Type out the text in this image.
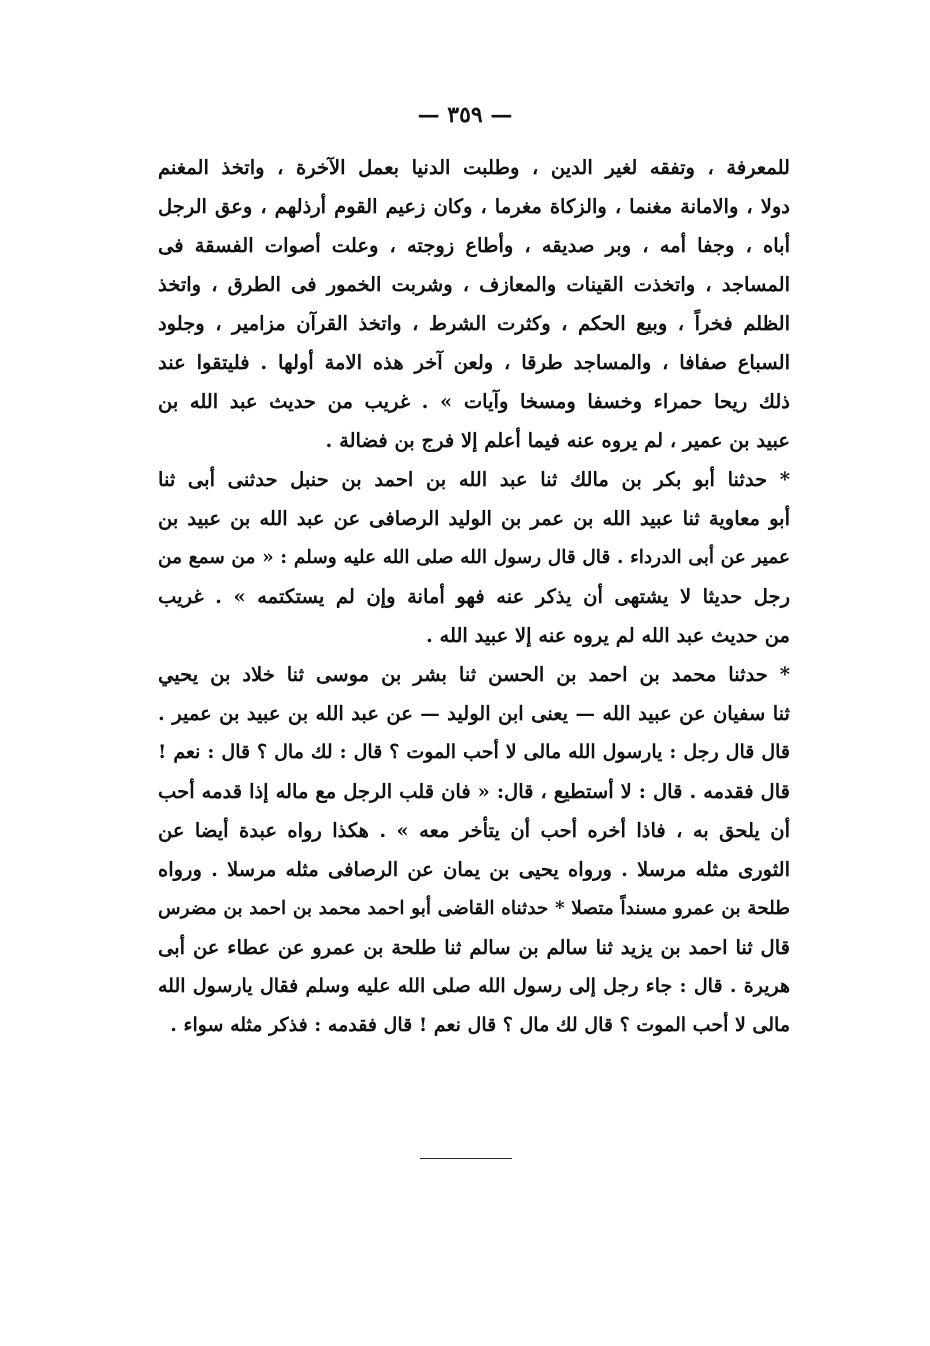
— ٣٥٩ —
للمعرفة ، وتفقه لغير الدين ، وطلبت الدنيا بعمل الآخرة ، واتخذ المغنم
دولا ، والامانة مغنما ، والزكاة مغرما ، وكان زعيم القوم أرذلهم ، وعق الرجل
أباه ، وجفا أمه ، وبر صديقه ، وأطاع زوجته ، وعلت أصوات الفسقة فى
المساجد ، واتخذت القينات والمعازف ، وشربت الخمور فى الطرق ، واتخذ
الظلم فخراً ، وبيع الحكم ، وكثرت الشرط ، واتخذ القرآن مزامير ، وجلود
السباع صفافا ، والمساجد طرقا ، ولعن آخر هذه الامة أولها . فليتقوا عند
ذلك ريحا حمراء وخسفا ومسخا وآيات » . غريب من حديث عبد الله بن
عبيد بن عمير ، لم يروه عنه فيما أعلم إلا فرج بن فضالة .
* حدثنا أبو بكر بن مالك ثنا عبد الله بن احمد بن حنبل حدثنى أبى ثنا
أبو معاوية ثنا عبيد الله بن عمر بن الوليد الرصافى عن عبد الله بن عبيد بن
عمير عن أبى الدرداء . قال قال رسول الله صلى الله عليه وسلم : « من سمع من
رجل حديثا لا يشتهى أن يذكر عنه فهو أمانة وإن لم يستكتمه » . غريب
من حديث عبد الله لم يروه عنه إلا عبيد الله .
* حدثنا محمد بن احمد بن الحسن ثنا بشر بن موسى ثنا خلاد بن يحيي
ثنا سفيان عن عبيد الله — يعنى ابن الوليد — عن عبد الله بن عبيد بن عمير .
قال قال رجل : يارسول الله مالى لا أحب الموت ؟ قال : لك مال ؟ قال : نعم !
قال فقدمه . قال : لا أستطيع ، قال: « فان قلب الرجل مع ماله إذا قدمه أحب
أن يلحق به ، فاذا أخره أحب أن يتأخر معه » . هكذا رواه عبدة أيضا عن
الثورى مثله مرسلا . ورواه يحيى بن يمان عن الرصافى مثله مرسلا . ورواه
طلحة بن عمرو مسنداً متصلا * حدثناه القاضى أبو احمد محمد بن احمد بن مضرس
قال ثنا احمد بن يزيد ثنا سالم بن سالم ثنا طلحة بن عمرو عن عطاء عن أبى
هريرة . قال : جاء رجل إلى رسول الله صلى الله عليه وسلم فقال يارسول الله
مالى لا أحب الموت ؟ قال لك مال ؟ قال نعم ! قال فقدمه : فذكر مثله سواء .
